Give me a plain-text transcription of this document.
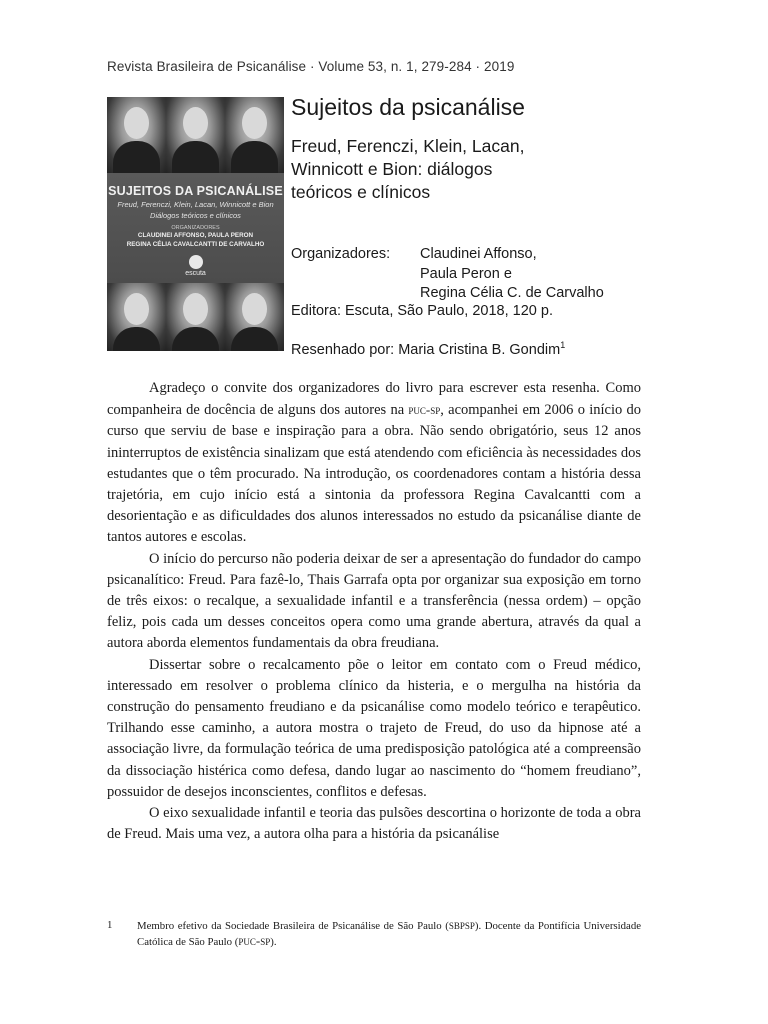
Revista Brasileira de Psicanálise · Volume 53, n. 1, 279-284 · 2019
SUJEITOS DA PSICANÁLISE
Freud, Ferenczi, Klein, Lacan, Winnicott e Bion
Diálogos teóricos e clínicos
ORGANIZADORES
CLAUDINEI AFFONSO, PAULA PERON
REGINA CÉLIA CAVALCANTTI DE CARVALHO
escuta
Sujeitos da psicanálise
Freud, Ferenczi, Klein, Lacan,
Winnicott e Bion: diálogos
teóricos e clínicos
Organizadores: Claudinei Affonso,
Paula Peron e
Regina Célia C. de Carvalho
Editora: Escuta, São Paulo, 2018, 120 p.
Resenhado por: Maria Cristina B. Gondim$^1$

Agradeço o convite dos organizadores do livro para escrever esta resenha. Como companheira de docência de alguns dos autores na puc-sp, acompanhei em 2006 o início do curso que serviu de base e inspiração para a obra. Não sendo obrigatório, seus 12 anos ininterruptos de existência sinalizam que está atendendo com eficiência às necessidades dos estudantes que o têm procurado. Na introdução, os coordenadores contam a história dessa trajetória, em cujo início está a sintonia da professora Regina Cavalcantti com a desorientação e as dificuldades dos alunos interessados no estudo da psicanálise diante de tantos autores e escolas.

O início do percurso não poderia deixar de ser a apresentação do fundador do campo psicanalítico: Freud. Para fazê-lo, Thais Garrafa opta por organizar sua exposição em torno de três eixos: o recalque, a sexualidade infantil e a transferência (nessa ordem) – opção feliz, pois cada um desses conceitos opera como uma grande abertura, através da qual a autora aborda elementos fundamentais da obra freudiana.

Dissertar sobre o recalcamento põe o leitor em contato com o Freud médico, interessado em resolver o problema clínico da histeria, e o mergulha na história da construção do pensamento freudiano e da psicanálise como modelo teórico e terapêutico. Trilhando esse caminho, a autora mostra o trajeto de Freud, do uso da hipnose até a associação livre, da formulação teórica de uma predisposição patológica até a compreensão da dissociação histérica como defesa, dando lugar ao nascimento do “homem freudiano”, possuidor de desejos inconscientes, conflitos e defesas.

O eixo sexualidade infantil e teoria das pulsões descortina o horizonte de toda a obra de Freud. Mais uma vez, a autora olha para a história da psicanálise

1 Membro efetivo da Sociedade Brasileira de Psicanálise de São Paulo (sbpsp). Docente da Pontifícia Universidade Católica de São Paulo (puc-sp).
